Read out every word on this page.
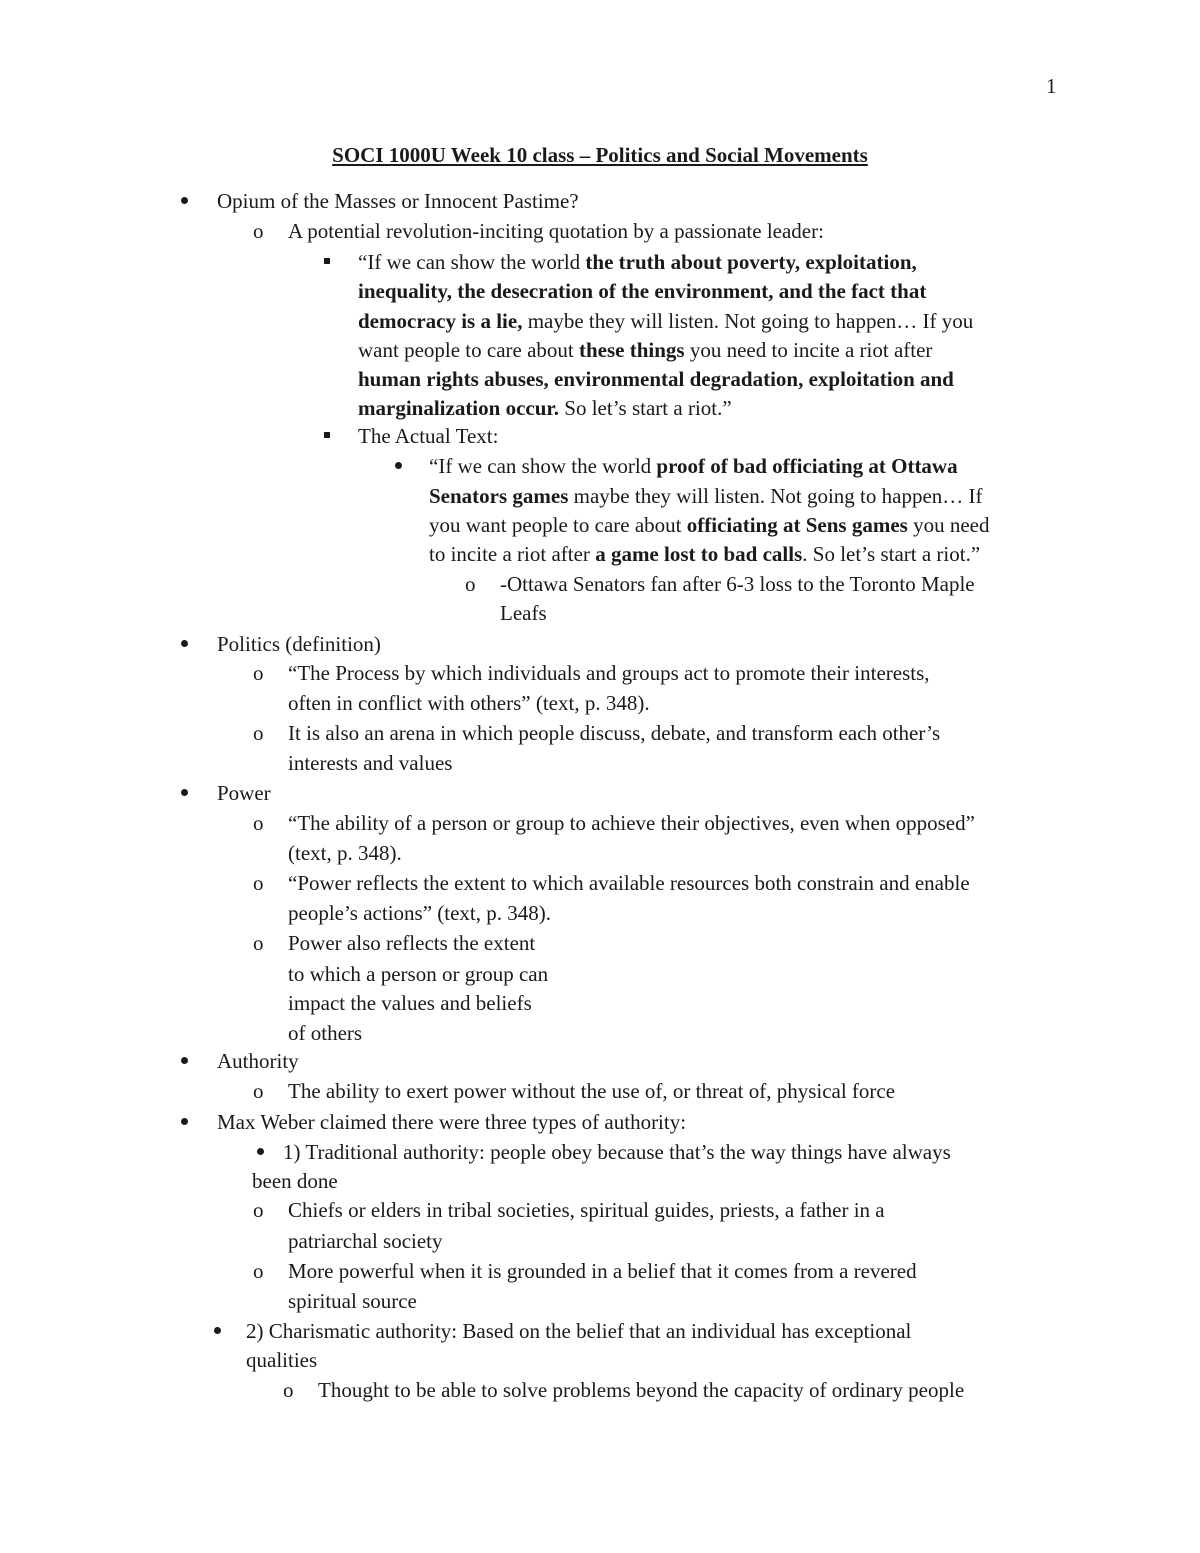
1
SOCI 1000U Week 10 class – Politics and Social Movements
Opium of the Masses or Innocent Pastime?
o A potential revolution-inciting quotation by a passionate leader:
“If we can show the world the truth about poverty, exploitation,
inequality, the desecration of the environment, and the fact that
democracy is a lie, maybe they will listen. Not going to happen… If you
want people to care about these things you need to incite a riot after
human rights abuses, environmental degradation, exploitation and
marginalization occur. So let’s start a riot.”
The Actual Text:
“If we can show the world proof of bad officiating at Ottawa
Senators games maybe they will listen. Not going to happen… If
you want people to care about officiating at Sens games you need
to incite a riot after a game lost to bad calls. So let’s start a riot.”
o -Ottawa Senators fan after 6-3 loss to the Toronto Maple
Leafs
Politics (definition)
o “The Process by which individuals and groups act to promote their interests,
often in conflict with others” (text, p. 348).
o It is also an arena in which people discuss, debate, and transform each other’s
interests and values
Power
o “The ability of a person or group to achieve their objectives, even when opposed”
(text, p. 348).
o “Power reflects the extent to which available resources both constrain and enable
people’s actions” (text, p. 348).
o Power also reflects the extent
to which a person or group can
impact the values and beliefs
of others
Authority
o The ability to exert power without the use of, or threat of, physical force
Max Weber claimed there were three types of authority:
1) Traditional authority: people obey because that’s the way things have always
been done
o Chiefs or elders in tribal societies, spiritual guides, priests, a father in a
patriarchal society
o More powerful when it is grounded in a belief that it comes from a revered
spiritual source
2) Charismatic authority: Based on the belief that an individual has exceptional
qualities
o Thought to be able to solve problems beyond the capacity of ordinary people
